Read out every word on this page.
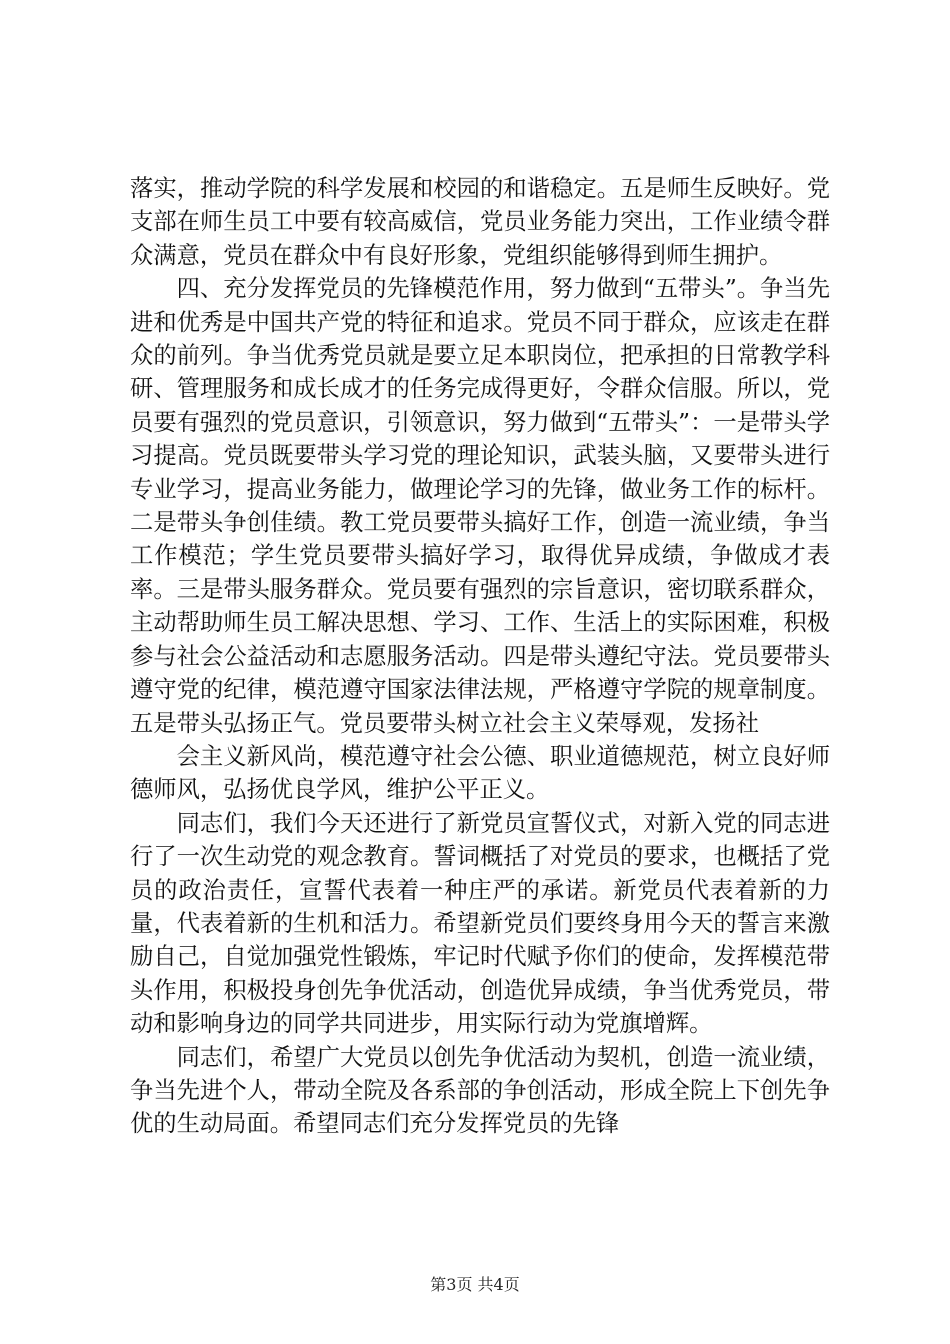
落实，推动学院的科学发展和校园的和谐稳定。五是师生反映好。党支部在师生员工中要有较高威信，党员业务能力突出，工作业绩令群众满意，党员在群众中有良好形象，党组织能够得到师生拥护。

四、充分发挥党员的先锋模范作用，努力做到“五带头”。争当先进和优秀是中国共产党的特征和追求。党员不同于群众，应该走在群众的前列。争当优秀党员就是要立足本职岗位，把承担的日常教学科研、管理服务和成长成才的任务完成得更好，令群众信服。所以，党员要有强烈的党员意识，引领意识，努力做到“五带头”：一是带头学习提高。党员既要带头学习党的理论知识，武装头脑，又要带头进行专业学习，提高业务能力，做理论学习的先锋，做业务工作的标杆。二是带头争创佳绩。教工党员要带头搞好工作，创造一流业绩，争当工作模范；学生党员要带头搞好学习，取得优异成绩，争做成才表率。三是带头服务群众。党员要有强烈的宗旨意识，密切联系群众，主动帮助师生员工解决思想、学习、工作、生活上的实际困难，积极参与社会公益活动和志愿服务活动。四是带头遵纪守法。党员要带头遵守党的纪律，模范遵守国家法律法规，严格遵守学院的规章制度。五是带头弘扬正气。党员要带头树立社会主义荣辱观，发扬社

会主义新风尚，模范遵守社会公德、职业道德规范，树立良好师德师风，弘扬优良学风，维护公平正义。

同志们，我们今天还进行了新党员宣誓仪式，对新入党的同志进行了一次生动党的观念教育。誓词概括了对党员的要求，也概括了党员的政治责任，宣誓代表着一种庄严的承诺。新党员代表着新的力量，代表着新的生机和活力。希望新党员们要终身用今天的誓言来激励自己，自觉加强党性锻炼，牢记时代赋予你们的使命，发挥模范带头作用，积极投身创先争优活动，创造优异成绩，争当优秀党员，带动和影响身边的同学共同进步，用实际行动为党旗增辉。

同志们，希望广大党员以创先争优活动为契机，创造一流业绩，争当先进个人，带动全院及各系部的争创活动，形成全院上下创先争优的生动局面。希望同志们充分发挥党员的先锋

第3页 共4页
